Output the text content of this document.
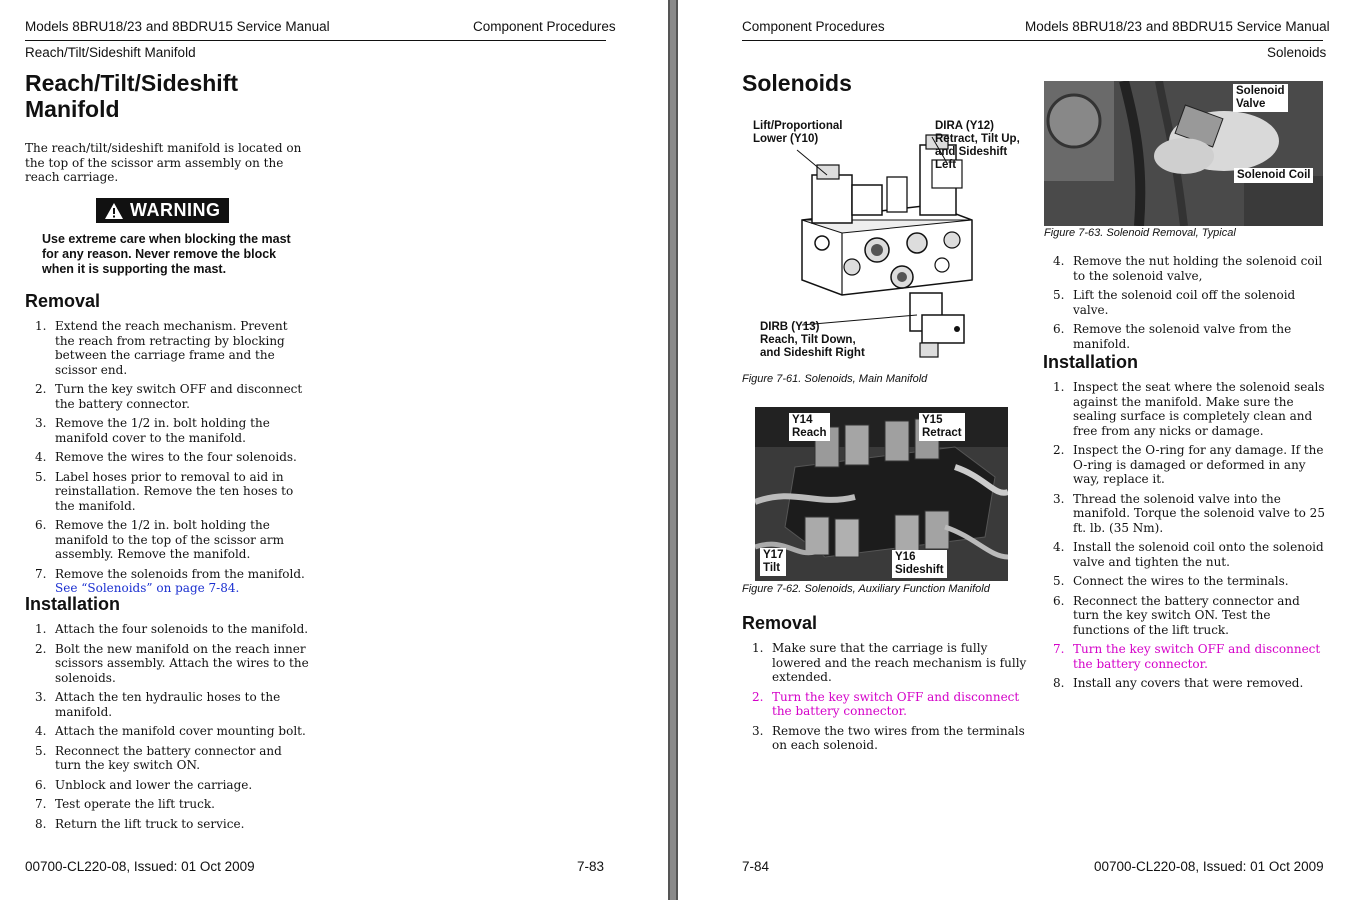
Models 8BRU18/23 and 8BDRU15 Service Manual	Component Procedures
Reach/Tilt/Sideshift Manifold
Reach/Tilt/Sideshift
Manifold
The reach/tilt/sideshift manifold is located on the top of the scissor arm assembly on the reach carriage.
WARNING
Use extreme care when blocking the mast for any reason. Never remove the block when it is supporting the mast.
Removal
1. Extend the reach mechanism. Prevent the reach from retracting by blocking between the carriage frame and the scissor end.
2. Turn the key switch OFF and disconnect the battery connector.
3. Remove the 1/2 in. bolt holding the manifold cover to the manifold.
4. Remove the wires to the four solenoids.
5. Label hoses prior to removal to aid in reinstallation. Remove the ten hoses to the manifold.
6. Remove the 1/2 in. bolt holding the manifold to the top of the scissor arm assembly. Remove the manifold.
7. Remove the solenoids from the manifold. See “Solenoids” on page 7-84.
Installation
1. Attach the four solenoids to the manifold.
2. Bolt the new manifold on the reach inner scissors assembly. Attach the wires to the solenoids.
3. Attach the ten hydraulic hoses to the manifold.
4. Attach the manifold cover mounting bolt.
5. Reconnect the battery connector and turn the key switch ON.
6. Unblock and lower the carriage.
7. Test operate the lift truck.
8. Return the lift truck to service.
00700-CL220-08, Issued: 01 Oct 2009	7-83
Component Procedures	Models 8BRU18/23 and 8BDRU15 Service Manual
Solenoids
Solenoids
Lift/Proportional
Lower (Y10)
DIRA (Y12)
Retract, Tilt Up,
and Sideshift
Left
DIRB (Y13)
Reach, Tilt Down,
and Sideshift Right
Figure 7-61. Solenoids, Main Manifold
Y14
Reach
Y15
Retract
Y17
Tilt
Y16
Sideshift
Figure 7-62. Solenoids, Auxiliary Function Manifold
Removal
1. Make sure that the carriage is fully lowered and the reach mechanism is fully extended.
2. Turn the key switch OFF and disconnect the battery connector.
3. Remove the two wires from the terminals on each solenoid.
Solenoid
Valve
Solenoid Coil
Figure 7-63. Solenoid Removal, Typical
4. Remove the nut holding the solenoid coil to the solenoid valve,
5. Lift the solenoid coil off the solenoid valve.
6. Remove the solenoid valve from the manifold.
Installation
1. Inspect the seat where the solenoid seals against the manifold. Make sure the sealing surface is completely clean and free from any nicks or damage.
2. Inspect the O-ring for any damage. If the O-ring is damaged or deformed in any way, replace it.
3. Thread the solenoid valve into the manifold. Torque the solenoid valve to 25 ft. lb. (35 Nm).
4. Install the solenoid coil onto the solenoid valve and tighten the nut.
5. Connect the wires to the terminals.
6. Reconnect the battery connector and turn the key switch ON. Test the functions of the lift truck.
7. Turn the key switch OFF and disconnect the battery connector.
8. Install any covers that were removed.
7-84	00700-CL220-08, Issued: 01 Oct 2009
